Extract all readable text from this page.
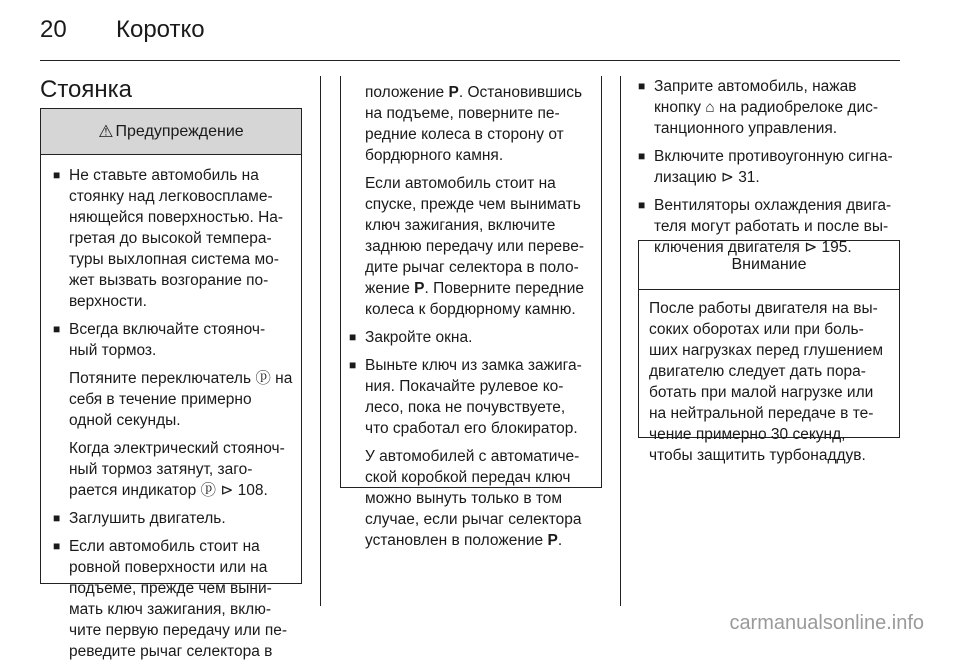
20 Коротко
Стоянка
⚠ Предупреждение
■ Не ставьте автомобиль на стоянку над легковоспламе-няющейся поверхностью. На-гретая до высокой темпера-туры выхлопная система мо-жет вызвать возгорание по-верхности.
■ Всегда включайте стояноч-ный тормоз.

Потяните переключатель ⓟ на себя в течение примерно одной секунды.

Когда электрический стояноч-ный тормоз затянут, заго-рается индикатор ⓟ ⊳ 108.

■ Заглушить двигатель.
■ Если автомобиль стоит на ровной поверхности или на подъеме, прежде чем выни-мать ключ зажигания, вклю-чите первую передачу или пе-реведите рычаг селектора в

положение P. Остановившись на подъеме, поверните пе-редние колеса в сторону от бордюрного камня.

Если автомобиль стоит на спуске, прежде чем вынимать ключ зажигания, включите заднюю передачу или переве-дите рычаг селектора в поло-жение P. Поверните передние колеса к бордюрному камню.

■ Закройте окна.
■ Выньте ключ из замка зажига-ния. Покачайте рулевое ко-лесо, пока не почувствуете, что сработал его блокиратор.

У автомобилей с автоматиче-ской коробкой передач ключ можно вынуть только в том случае, если рычаг селектора установлен в положение P.

■ Заприте автомобиль, нажав кнопку ⌂ на радиобрелоке дис-танционного управления.
■ Включите противоугонную сигна-лизацию ⊳ 31.
■ Вентиляторы охлаждения двига-теля могут работать и после вы-ключения двигателя ⊳ 195.
Внимание
После работы двигателя на вы-соких оборотах или при боль-ших нагрузках перед глушением двигателю следует дать пора-ботать при малой нагрузке или на нейтральной передаче в те-чение примерно 30 секунд, чтобы защитить турбонаддув.
carmanualsonline.info
